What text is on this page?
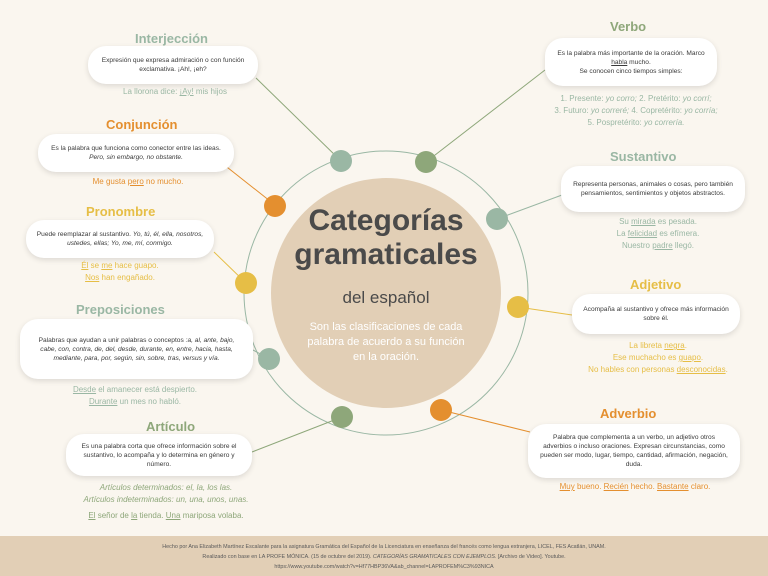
Categorías
gramaticales
del español
Son las clasificaciones de cada palabra de acuerdo a su función en la oración.
Interjección
Expresión que expresa admiración o con función exclamativa. ¡Ah!, ¡eh?
La llorona dice: ¡Ay! mis hijos
Conjunción
Es la palabra que funciona como conector entre las ideas.
Pero, sin embargo, no obstante.
Me gusta pero no mucho.
Pronombre
Puede reemplazar al sustantivo. Yo, tú, él, ella, nosotros, ustedes, ellas; Yo, me, mí, conmigo.
Él se me hace guapo.
Nos han engañado.
Preposiciones
Palabras que ayudan a unir palabras o conceptos :a, al, ante, bajo, cabe, con, contra, de, del, desde, durante, en, entre, hacia, hasta, mediante, para, por, según, sin, sobre, tras, versus y vía.
Desde el amanecer está despierto.
Durante un mes no habló.
Artículo
Es una palabra corta que ofrece información sobre el sustantivo, lo acompaña y lo determina en género y número.
Artículos determinados: el, la, los las.
Artículos indeterminados: un, una, unos, unas.
El señor de la tienda. Una mariposa volaba.
Verbo
Es la palabra más importante de la oración. Marco habla mucho.
Se conocen cinco tiempos simples:
1. Presente: yo corro; 2. Pretérito: yo corrí;
3. Futuro: yo correré; 4. Copretérito: yo corría;
5. Pospretérito: yo correría.
Sustantivo
Representa personas, animales o cosas, pero también pensamientos, sentimientos y objetos abstractos.
Su mirada es pesada.
La felicidad es efímera.
Nuestro padre llegó.
Adjetivo
Acompaña al sustantivo y ofrece más información sobre él.
La libreta negra.
Ese muchacho es guapo.
No hables con personas desconocidas.
Adverbio
Palabra que complementa a un verbo, un adjetivo otros adverbios o incluso oraciones. Expresan circunstancias, como pueden ser modo, lugar, tiempo, cantidad, afirmación, negación, duda.
Muy bueno. Recién hecho. Bastante claro.
Hecho por Ana Elizabeth Martínez Escalante para la asignatura Gramática del Español de la Licenciatura en enseñanza del francés como lengua extranjera, LICEL, FES Acatlán, UNAM.
Realizado con base en LA PROFE MÓNICA. (15 de octubre del 2019). CATEGORÍAS GRAMATICALES CON EJEMPLOS. [Archivo de Video]. Youtube.
https://www.youtube.com/watch?v=Hf77HBP36VA&ab_channel=LAPROFEM%C3%93NICA
